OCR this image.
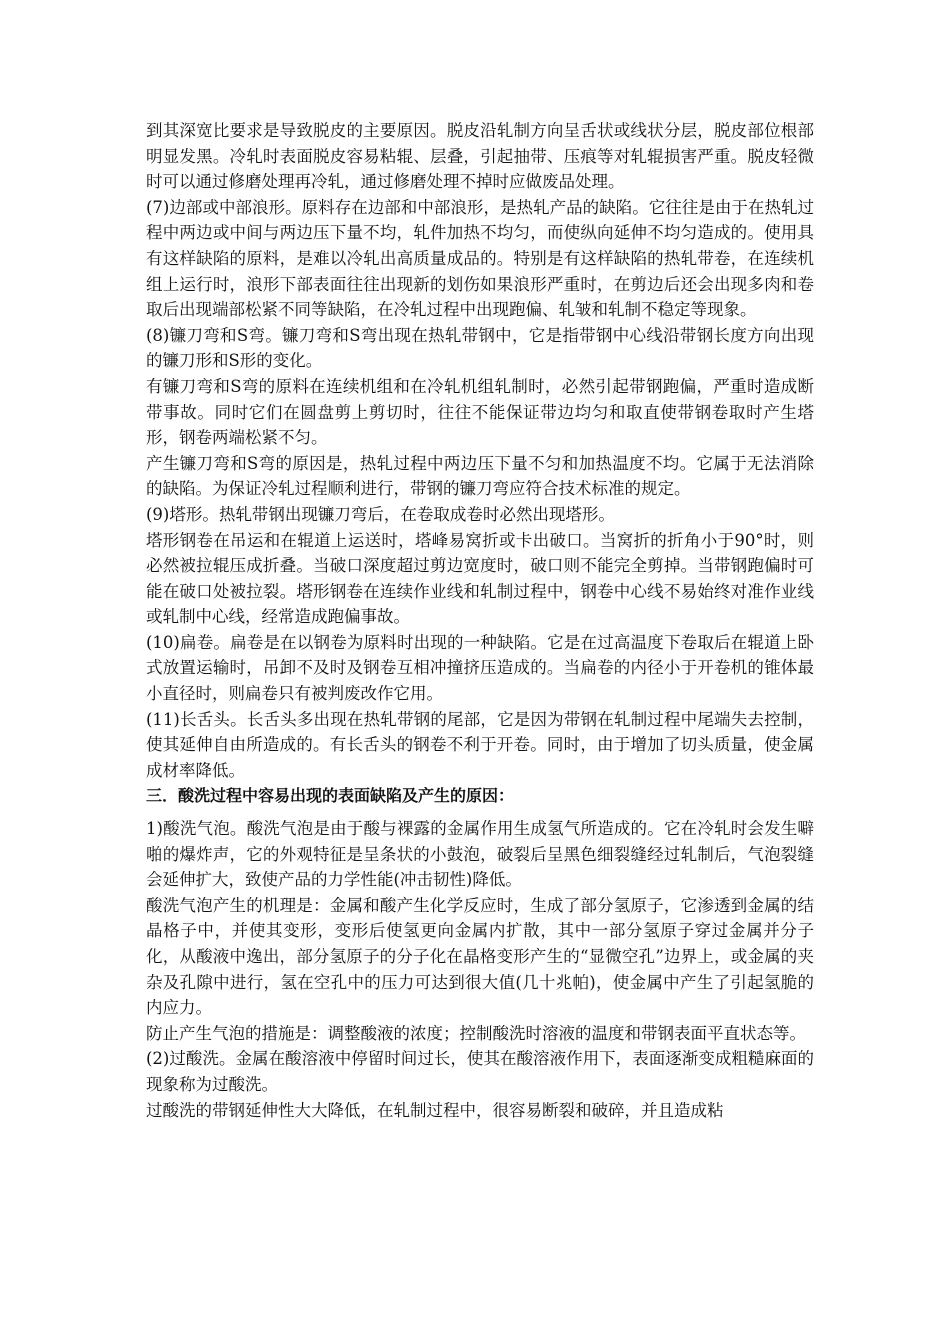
到其深宽比要求是导致脱皮的主要原因。脱皮沿轧制方向呈舌状或线状分层，脱皮部位根部明显发黑。冷轧时表面脱皮容易粘辊、层叠，引起抽带、压痕等对轧辊损害严重。脱皮轻微时可以通过修磨处理再冷轧，通过修磨处理不掉时应做废品处理。

(7)边部或中部浪形。原料存在边部和中部浪形，是热轧产品的缺陷。它往往是由于在热轧过程中两边或中间与两边压下量不均，轧件加热不均匀，而使纵向延伸不均匀造成的。使用具有这样缺陷的原料，是难以冷轧出高质量成品的。特别是有这样缺陷的热轧带卷，在连续机组上运行时，浪形下部表面往往出现新的划伤如果浪形严重时，在剪边后还会出现多肉和卷取后出现端部松紧不同等缺陷，在冷轧过程中出现跑偏、轧皱和轧制不稳定等现象。

(8)镰刀弯和S弯。镰刀弯和S弯出现在热轧带钢中，它是指带钢中心线沿带钢长度方向出现的镰刀形和S形的变化。

有镰刀弯和S弯的原料在连续机组和在冷轧机组轧制时，必然引起带钢跑偏，严重时造成断带事故。同时它们在圆盘剪上剪切时，往往不能保证带边均匀和取直使带钢卷取时产生塔形，钢卷两端松紧不匀。

产生镰刀弯和S弯的原因是，热轧过程中两边压下量不匀和加热温度不均。它属于无法消除的缺陷。为保证冷轧过程顺利进行，带钢的镰刀弯应符合技术标准的规定。

(9)塔形。热轧带钢出现镰刀弯后，在卷取成卷时必然出现塔形。

塔形钢卷在吊运和在辊道上运送时，塔峰易窝折或卡出破口。当窝折的折角小于90°时，则必然被拉辊压成折叠。当破口深度超过剪边宽度时，破口则不能完全剪掉。当带钢跑偏时可能在破口处被拉裂。塔形钢卷在连续作业线和轧制过程中，钢卷中心线不易始终对准作业线或轧制中心线，经常造成跑偏事故。

(10)扁卷。扁卷是在以钢卷为原料时出现的一种缺陷。它是在过高温度下卷取后在辊道上卧式放置运输时，吊卸不及时及钢卷互相冲撞挤压造成的。当扁卷的内径小于开卷机的锥体最小直径时，则扁卷只有被判废改作它用。

(11)长舌头。长舌头多出现在热轧带钢的尾部，它是因为带钢在轧制过程中尾端失去控制，使其延伸自由所造成的。有长舌头的钢卷不利于开卷。同时，由于增加了切头质量，使金属成材率降低。

三．酸洗过程中容易出现的表面缺陷及产生的原因：

1)酸洗气泡。酸洗气泡是由于酸与裸露的金属作用生成氢气所造成的。它在冷轧时会发生噼啪的爆炸声，它的外观特征是呈条状的小鼓泡，破裂后呈黑色细裂缝经过轧制后，气泡裂缝会延伸扩大，致使产品的力学性能(冲击韧性)降低。

酸洗气泡产生的机理是：金属和酸产生化学反应时，生成了部分氢原子，它渗透到金属的结晶格子中，并使其变形，变形后使氢更向金属内扩散，其中一部分氢原子穿过金属并分子化，从酸液中逸出，部分氢原子的分子化在晶格变形产生的“显微空孔”边界上，或金属的夹杂及孔隙中进行，氢在空孔中的压力可达到很大值(几十兆帕)，使金属中产生了引起氢脆的内应力。

防止产生气泡的措施是：调整酸液的浓度；控制酸洗时溶液的温度和带钢表面平直状态等。

(2)过酸洗。金属在酸溶液中停留时间过长，使其在酸溶液作用下，表面逐渐变成粗糙麻面的现象称为过酸洗。

过酸洗的带钢延伸性大大降低，在轧制过程中，很容易断裂和破碎，并且造成粘
